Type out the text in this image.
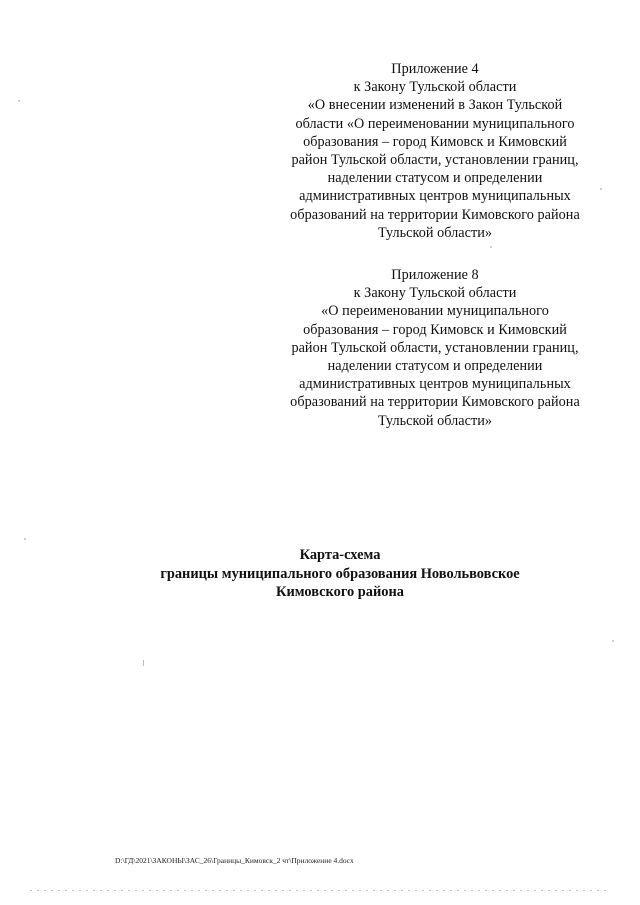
Приложение 4
к Закону Тульской области
«О внесении изменений в Закон Тульской
области «О переименовании муниципального
образования – город Кимовск и Кимовский
район Тульской области, установлении границ,
наделении статусом и определении
административных центров муниципальных
образований на территории Кимовского района
Тульской области»
Приложение 8
к Закону Тульской области
«О переименовании муниципального
образования – город Кимовск и Кимовский
район Тульской области, установлении границ,
наделении статусом и определении
административных центров муниципальных
образований на территории Кимовского района
Тульской области»
Карта-схема
границы муниципального образования Новольвовское
Кимовского района
D:\ГД\2021\ЗАКОНЫ\ЗАС_26\Границы_Кимовск_2 чт\Приложение 4.docx
